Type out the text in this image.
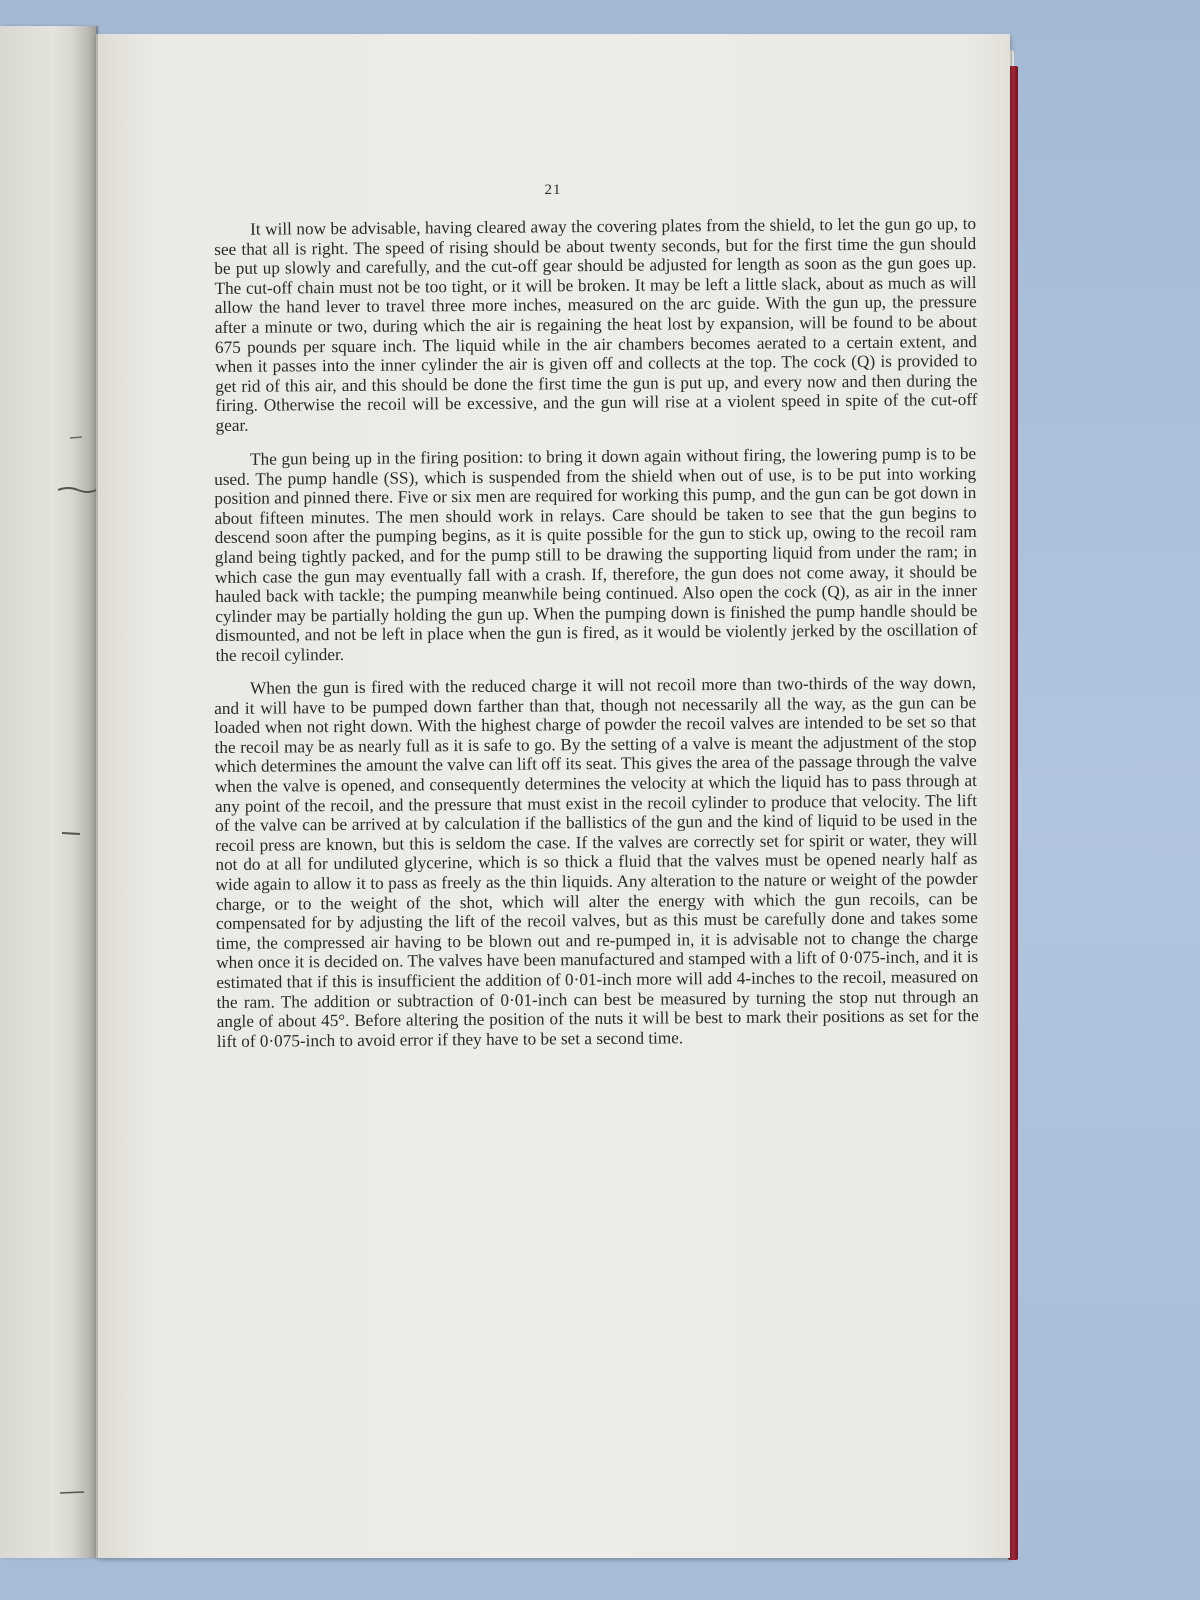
21

It will now be advisable, having cleared away the covering plates from the shield, to let the gun go up, to see that all is right. The speed of rising should be about twenty seconds, but for the first time the gun should be put up slowly and carefully, and the cut-off gear should be adjusted for length as soon as the gun goes up. The cut-off chain must not be too tight, or it will be broken. It may be left a little slack, about as much as will allow the hand lever to travel three more inches, measured on the arc guide. With the gun up, the pressure after a minute or two, during which the air is regaining the heat lost by expansion, will be found to be about 675 pounds per square inch. The liquid while in the air chambers becomes aerated to a certain extent, and when it passes into the inner cylinder the air is given off and collects at the top. The cock (Q) is provided to get rid of this air, and this should be done the first time the gun is put up, and every now and then during the firing. Otherwise the recoil will be excessive, and the gun will rise at a violent speed in spite of the cut-off gear.

The gun being up in the firing position: to bring it down again without firing, the lowering pump is to be used. The pump handle (SS), which is suspended from the shield when out of use, is to be put into working position and pinned there. Five or six men are required for working this pump, and the gun can be got down in about fifteen minutes. The men should work in relays. Care should be taken to see that the gun begins to descend soon after the pumping begins, as it is quite possible for the gun to stick up, owing to the recoil ram gland being tightly packed, and for the pump still to be drawing the supporting liquid from under the ram; in which case the gun may eventually fall with a crash. If, therefore, the gun does not come away, it should be hauled back with tackle; the pumping meanwhile being continued. Also open the cock (Q), as air in the inner cylinder may be partially holding the gun up. When the pumping down is finished the pump handle should be dismounted, and not be left in place when the gun is fired, as it would be violently jerked by the oscillation of the recoil cylinder.

When the gun is fired with the reduced charge it will not recoil more than two-thirds of the way down, and it will have to be pumped down farther than that, though not necessarily all the way, as the gun can be loaded when not right down. With the highest charge of powder the recoil valves are intended to be set so that the recoil may be as nearly full as it is safe to go. By the setting of a valve is meant the adjustment of the stop which determines the amount the valve can lift off its seat. This gives the area of the passage through the valve when the valve is opened, and consequently determines the velocity at which the liquid has to pass through at any point of the recoil, and the pressure that must exist in the recoil cylinder to produce that velocity. The lift of the valve can be arrived at by calculation if the ballistics of the gun and the kind of liquid to be used in the recoil press are known, but this is seldom the case. If the valves are correctly set for spirit or water, they will not do at all for undiluted glycerine, which is so thick a fluid that the valves must be opened nearly half as wide again to allow it to pass as freely as the thin liquids. Any alteration to the nature or weight of the powder charge, or to the weight of the shot, which will alter the energy with which the gun recoils, can be compensated for by adjusting the lift of the recoil valves, but as this must be carefully done and takes some time, the compressed air having to be blown out and re-pumped in, it is advisable not to change the charge when once it is decided on. The valves have been manufactured and stamped with a lift of 0·075-inch, and it is estimated that if this is insufficient the addition of 0·01-inch more will add 4-inches to the recoil, measured on the ram. The addition or subtraction of 0·01-inch can best be measured by turning the stop nut through an angle of about 45°. Before altering the position of the nuts it will be best to mark their positions as set for the lift of 0·075-inch to avoid error if they have to be set a second time.
